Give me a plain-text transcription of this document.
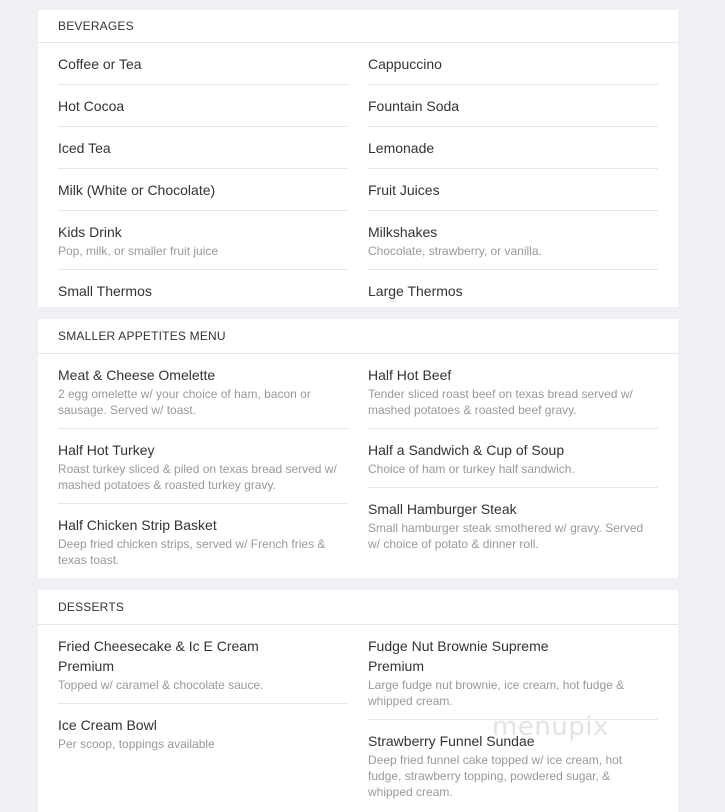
BEVERAGES
Coffee or Tea
Hot Cocoa
Iced Tea
Milk (White or Chocolate)
Kids Drink
Pop, milk, or smaller fruit juice
Small Thermos
Cappuccino
Fountain Soda
Lemonade
Fruit Juices
Milkshakes
Chocolate, strawberry, or vanilla.
Large Thermos
SMALLER APPETITES MENU
Meat & Cheese Omelette
2 egg omelette w/ your choice of ham, bacon or sausage. Served w/ toast.
Half Hot Turkey
Roast turkey sliced & piled on texas bread served w/ mashed potatoes & roasted turkey gravy.
Half Chicken Strip Basket
Deep fried chicken strips, served w/ French fries & texas toast.
Half Hot Beef
Tender sliced roast beef on texas bread served w/ mashed potatoes & roasted beef gravy.
Half a Sandwich & Cup of Soup
Choice of ham or turkey half sandwich.
Small Hamburger Steak
Small hamburger steak smothered w/ gravy. Served w/ choice of potato & dinner roll.
DESSERTS
Fried Cheesecake & Ic E Cream Premium
Topped w/ caramel & chocolate sauce.
Ice Cream Bowl
Per scoop, toppings available
Fudge Nut Brownie Supreme Premium
Large fudge nut brownie, ice cream, hot fudge & whipped cream.
Strawberry Funnel Sundae
Deep fried funnel cake topped w/ ice cream, hot fudge, strawberry topping, powdered sugar, & whipped cream.
menupix
